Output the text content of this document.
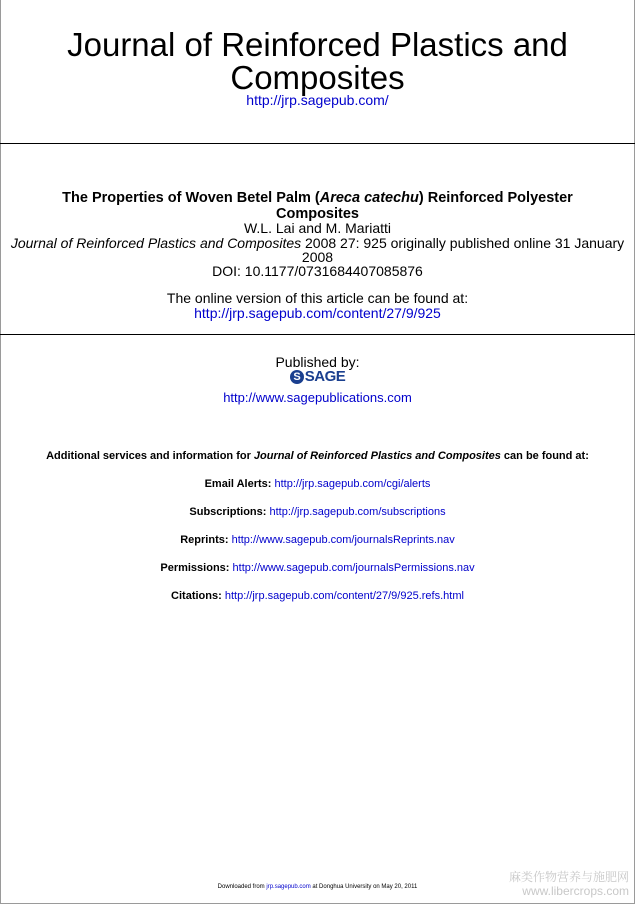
Journal of Reinforced Plastics and
Composites
http://jrp.sagepub.com/
The Properties of Woven Betel Palm (Areca catechu) Reinforced Polyester
Composites
W.L. Lai and M. Mariatti
Journal of Reinforced Plastics and Composites 2008 27: 925 originally published online 31 January
2008
DOI: 10.1177/0731684407085876
The online version of this article can be found at:
http://jrp.sagepub.com/content/27/9/925
Published by:
S SAGE
http://www.sagepublications.com
Additional services and information for Journal of Reinforced Plastics and Composites can be found at:
Email Alerts: http://jrp.sagepub.com/cgi/alerts
Subscriptions: http://jrp.sagepub.com/subscriptions
Reprints: http://www.sagepub.com/journalsReprints.nav
Permissions: http://www.sagepub.com/journalsPermissions.nav
Citations: http://jrp.sagepub.com/content/27/9/925.refs.html
Downloaded from jrp.sagepub.com at Donghua University on May 20, 2011
麻类作物营养与施肥网
www.libercrops.com
